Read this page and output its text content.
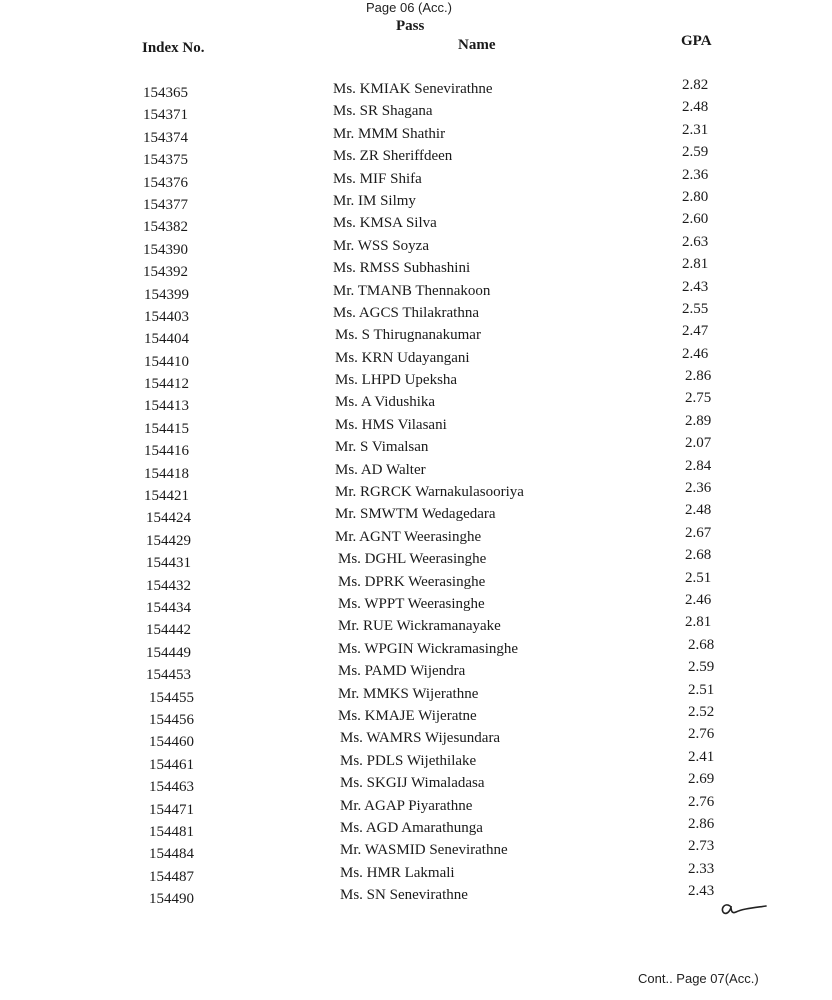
Page 06 (Acc.)
Pass
Index No.	Name	GPA
154365	Ms. KMIAK Senevirathne	2.82
154371	Ms. SR Shagana	2.48
154374	Mr. MMM Shathir	2.31
154375	Ms. ZR Sheriffdeen	2.59
154376	Ms. MIF Shifa	2.36
154377	Mr. IM Silmy	2.80
154382	Ms. KMSA Silva	2.60
154390	Mr. WSS Soyza	2.63
154392	Ms. RMSS Subhashini	2.81
154399	Mr. TMANB Thennakoon	2.43
154403	Ms. AGCS Thilakrathna	2.55
154404	Ms. S Thirugnanakumar	2.47
154410	Ms. KRN Udayangani	2.46
154412	Ms. LHPD Upeksha	2.86
154413	Ms. A Vidushika	2.75
154415	Ms. HMS Vilasani	2.89
154416	Mr. S Vimalsan	2.07
154418	Ms. AD Walter	2.84
154421	Mr. RGRCK Warnakulasooriya	2.36
154424	Mr. SMWTM Wedagedara	2.48
154429	Mr. AGNT Weerasinghe	2.67
154431	Ms. DGHL Weerasinghe	2.68
154432	Ms. DPRK Weerasinghe	2.51
154434	Ms. WPPT Weerasinghe	2.46
154442	Mr. RUE Wickramanayake	2.81
154449	Ms. WPGIN Wickramasinghe	2.68
154453	Ms. PAMD Wijendra	2.59
154455	Mr. MMKS Wijerathne	2.51
154456	Ms. KMAJE Wijeratne	2.52
154460	Ms. WAMRS Wijesundara	2.76
154461	Ms. PDLS Wijethilake	2.41
154463	Ms. SKGIJ Wimaladasa	2.69
154471	Mr. AGAP Piyarathne	2.76
154481	Ms. AGD Amarathunga	2.86
154484	Mr. WASMID Senevirathne	2.73
154487	Ms. HMR Lakmali	2.33
154490	Ms. SN Senevirathne	2.43
Cont.. Page 07(Acc.)
